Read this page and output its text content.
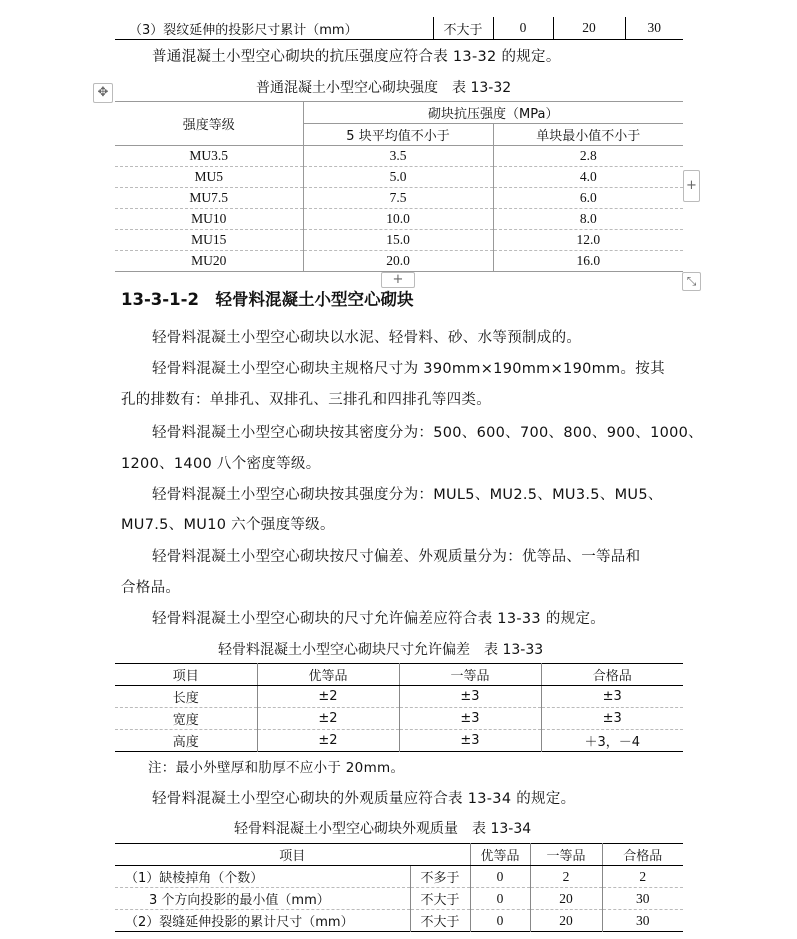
（3）裂纹延伸的投影尺寸累计（mm）	不大于	0	20	30
普通混凝土小型空心砌块的抗压强度应符合表 13-32 的规定。
普通混凝土小型空心砌块强度　表 13-32
✥
强度等级	砌块抗压强度（MPa）	
	5 块平均值不小于	单块最小值不小于
MU3.5	3.5	2.8
MU5	5.0	4.0
MU7.5	7.5	6.0
MU10	10.0	8.0
MU15	15.0	12.0
MU20	20.0	16.0
+
+	⤡
13-3-1-2　轻骨料混凝土小型空心砌块
轻骨料混凝土小型空心砌块以水泥、轻骨料、砂、水等预制成的。
轻骨料混凝土小型空心砌块主规格尺寸为 390mm×190mm×190mm。按其
孔的排数有：单排孔、双排孔、三排孔和四排孔等四类。
轻骨料混凝土小型空心砌块按其密度分为：500、600、700、800、900、1000、
1200、1400 八个密度等级。
轻骨料混凝土小型空心砌块按其强度分为：MUL5、MU2.5、MU3.5、MU5、
MU7.5、MU10 六个强度等级。
轻骨料混凝土小型空心砌块按尺寸偏差、外观质量分为：优等品、一等品和
合格品。
轻骨料混凝土小型空心砌块的尺寸允许偏差应符合表 13-33 的规定。
轻骨料混凝土小型空心砌块尺寸允许偏差　表 13-33
项目	优等品	一等品	合格品
长度	±2	±3	±3
宽度	±2	±3	±3
高度	±2	±3	＋3，－4
注：最小外壁厚和肋厚不应小于 20mm。
轻骨料混凝土小型空心砌块的外观质量应符合表 13-34 的规定。
轻骨料混凝土小型空心砌块外观质量　表 13-34
项目		优等品	一等品	合格品
（1）缺棱掉角（个数）	不多于	0	2	2
3 个方向投影的最小值（mm）	不大于	0	20	30
（2）裂缝延伸投影的累计尺寸（mm）	不大于	0	20	30
